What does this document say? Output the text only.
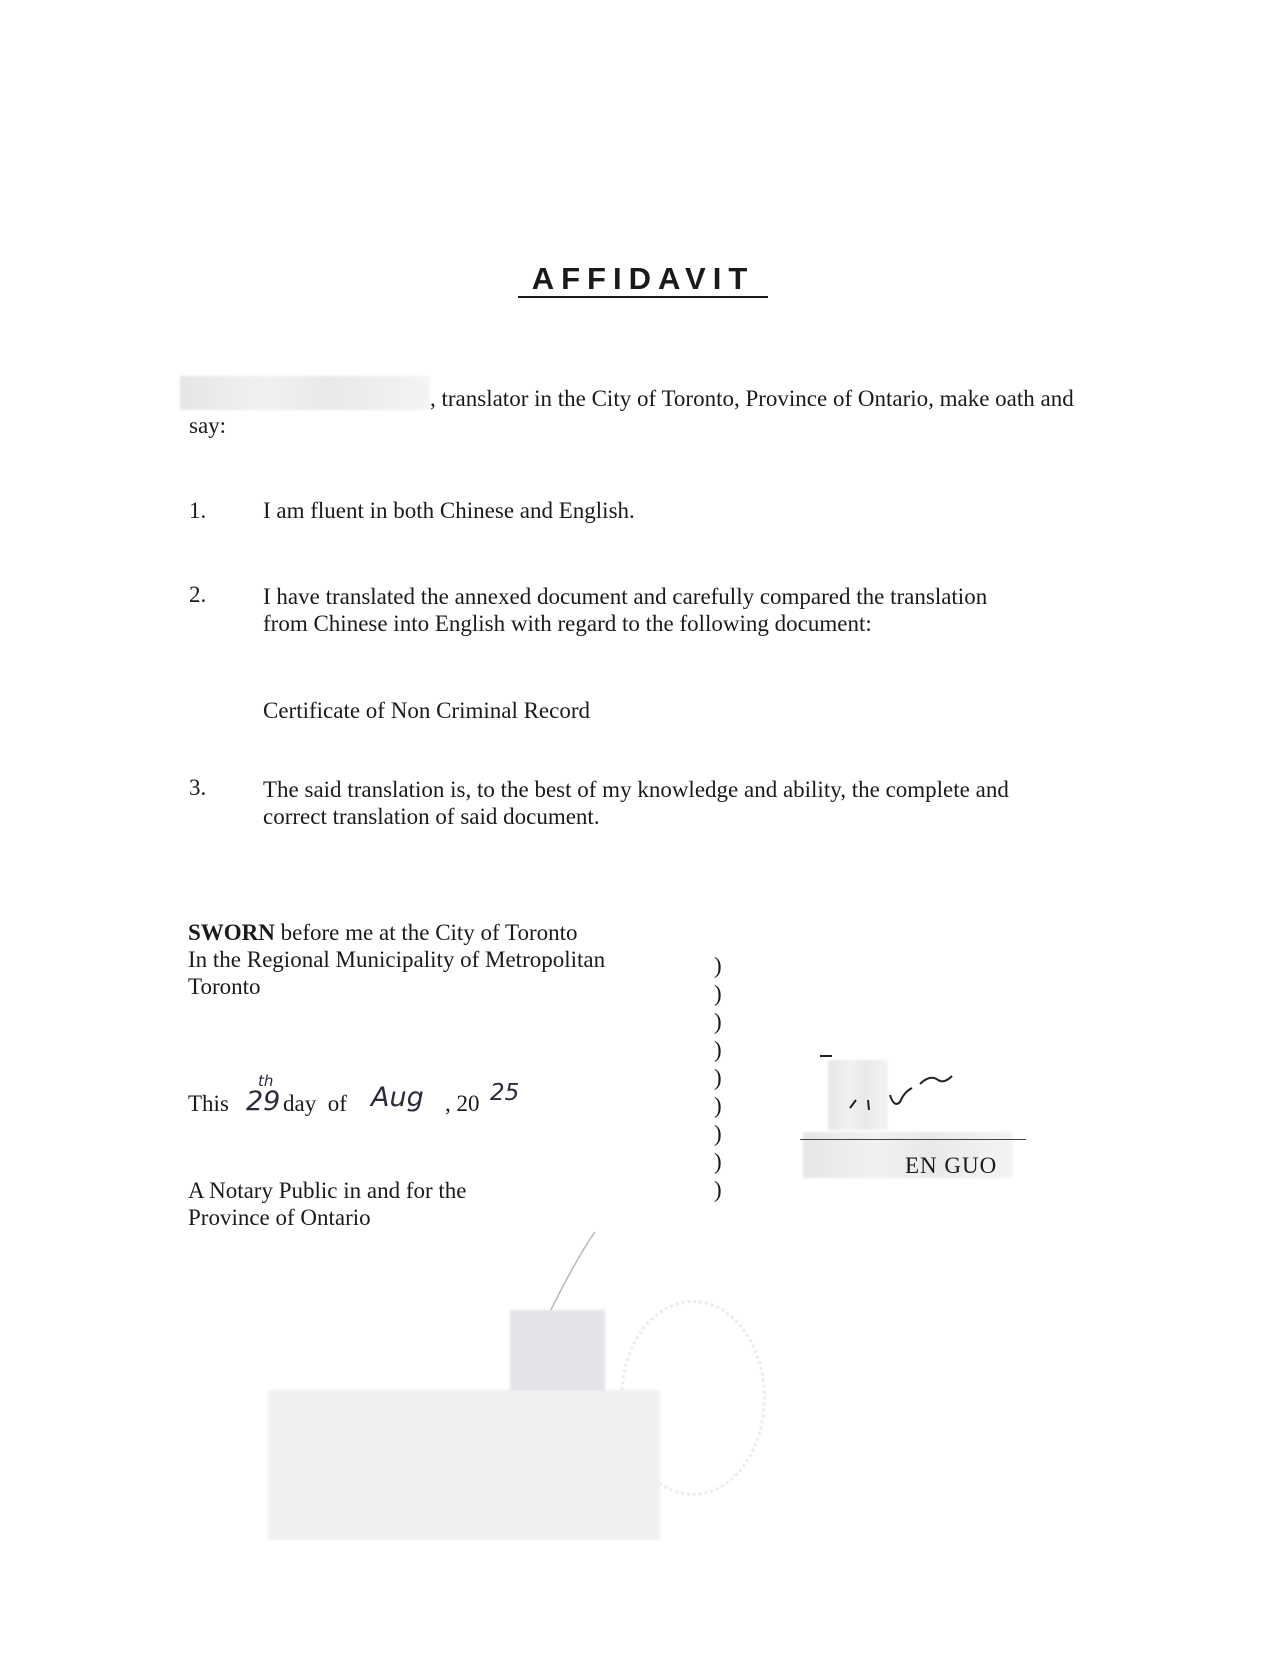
AFFIDAVIT
, translator in the City of Toronto, Province of Ontario, make oath and
say:
1. I am fluent in both Chinese and English.
2. I have translated the annexed document and carefully compared the translation
from Chinese into English with regard to the following document:
Certificate of Non Criminal Record
3. The said translation is, to the best of my knowledge and ability, the complete and
correct translation of said document.
SWORN before me at the City of Toronto
In the Regional Municipality of Metropolitan
Toronto
This 29
th
day  of Aug , 20 25
A Notary Public in and for the
Province of Ontario
)
)
)
)
)
)
)
)
)
EN GUO
